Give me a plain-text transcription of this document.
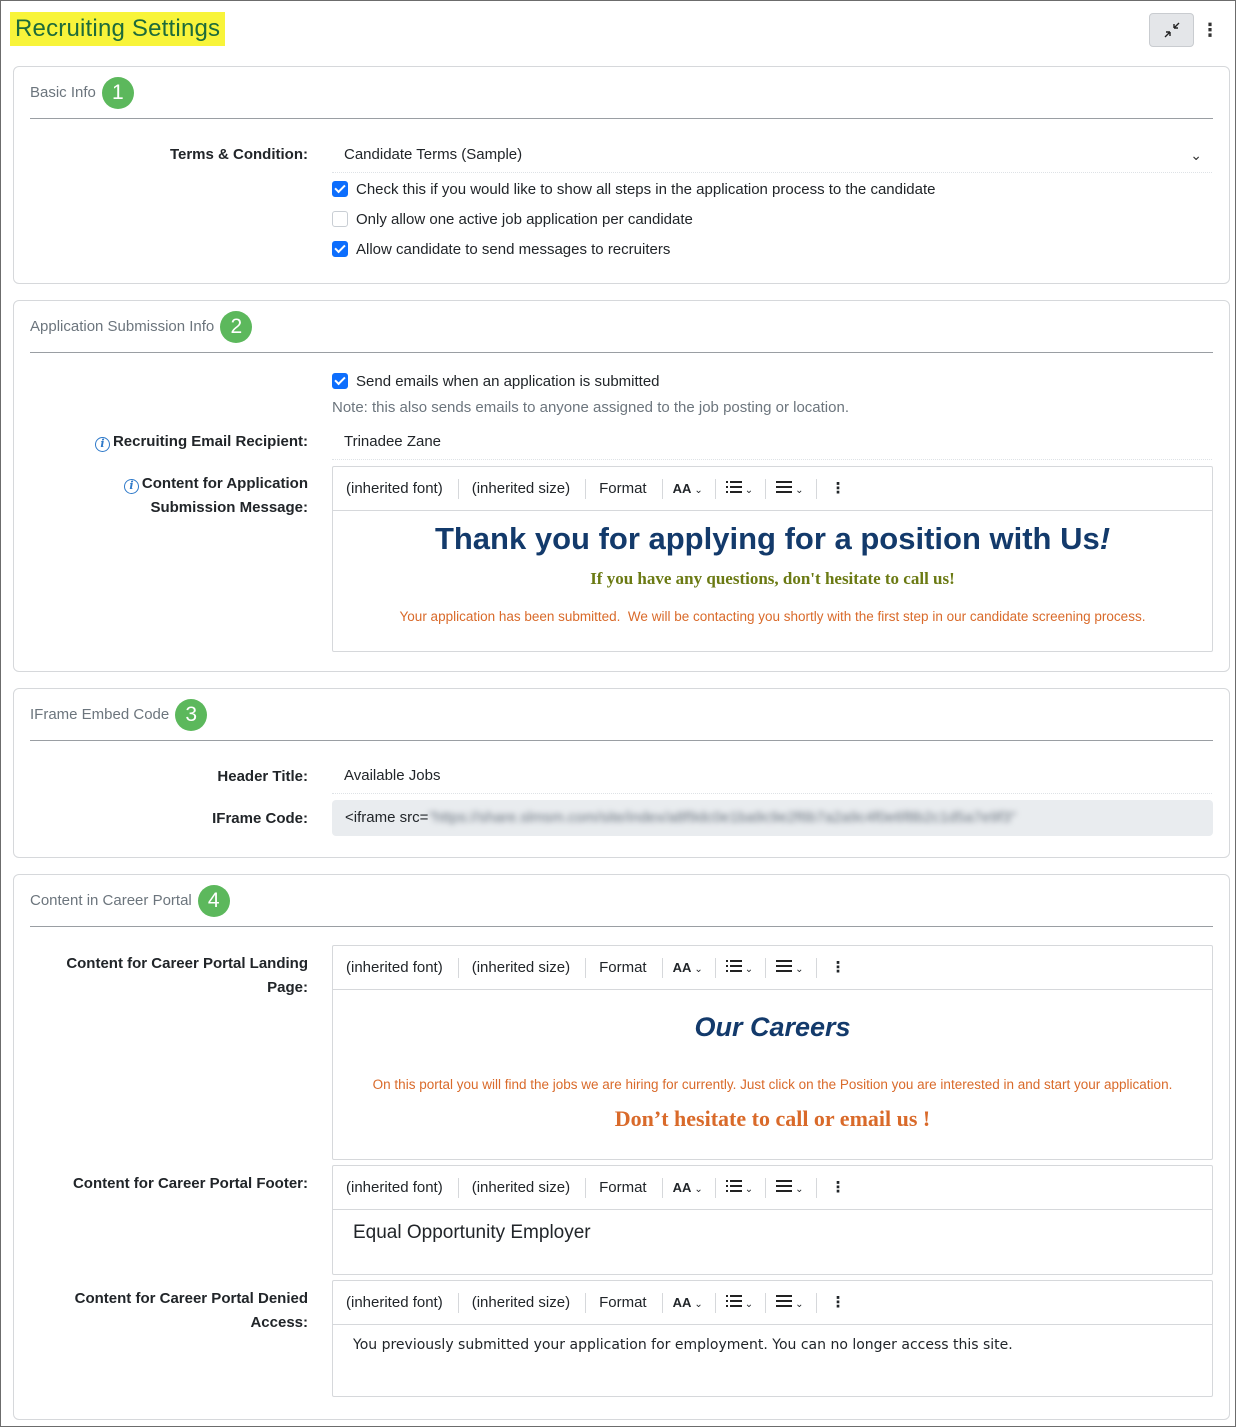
Recruiting Settings	⋮
Basic Info 1
Terms & Condition:	Candidate Terms (Sample)	⌄
Check this if you would like to show all steps in the application process to the candidate
Only allow one active job application per candidate
Allow candidate to send messages to recruiters
Application Submission Info 2
Send emails when an application is submitted
Note: this also sends emails to anyone assigned to the job posting or location.
i Recruiting Email Recipient:	Trinadee Zane
i Content for Application
Submission Message:
(inherited font)	(inherited size)	Format	AA ⌄	⌄	⌄	⋮
Thank you for applying for a position with Us!
If you have any questions, don't hesitate to call us!
Your application has been submitted.  We will be contacting you shortly with the first step in our candidate screening process.
IFrame Embed Code 3
Header Title:	Available Jobs
IFrame Code:	<iframe src="https://share.slmsm.com/site/index/a8f9dc0e1ba9c9e2f6b7a2a9c4f0e6f8b2c1d5a7e9f3"
Content in Career Portal 4
Content for Career Portal Landing
Page:
(inherited font)	(inherited size)	Format	AA ⌄	⌄	⌄	⋮
Our Careers
On this portal you will find the jobs we are hiring for currently. Just click on the Position you are interested in and start your application.
Don’t hesitate to call or email us !
Content for Career Portal Footer:	(inherited font)	(inherited size)	Format	AA ⌄	⌄	⌄	⋮
Equal Opportunity Employer
Content for Career Portal Denied
Access:
(inherited font)	(inherited size)	Format	AA ⌄	⌄	⌄	⋮
You previously submitted your application for employment. You can no longer access this site.
